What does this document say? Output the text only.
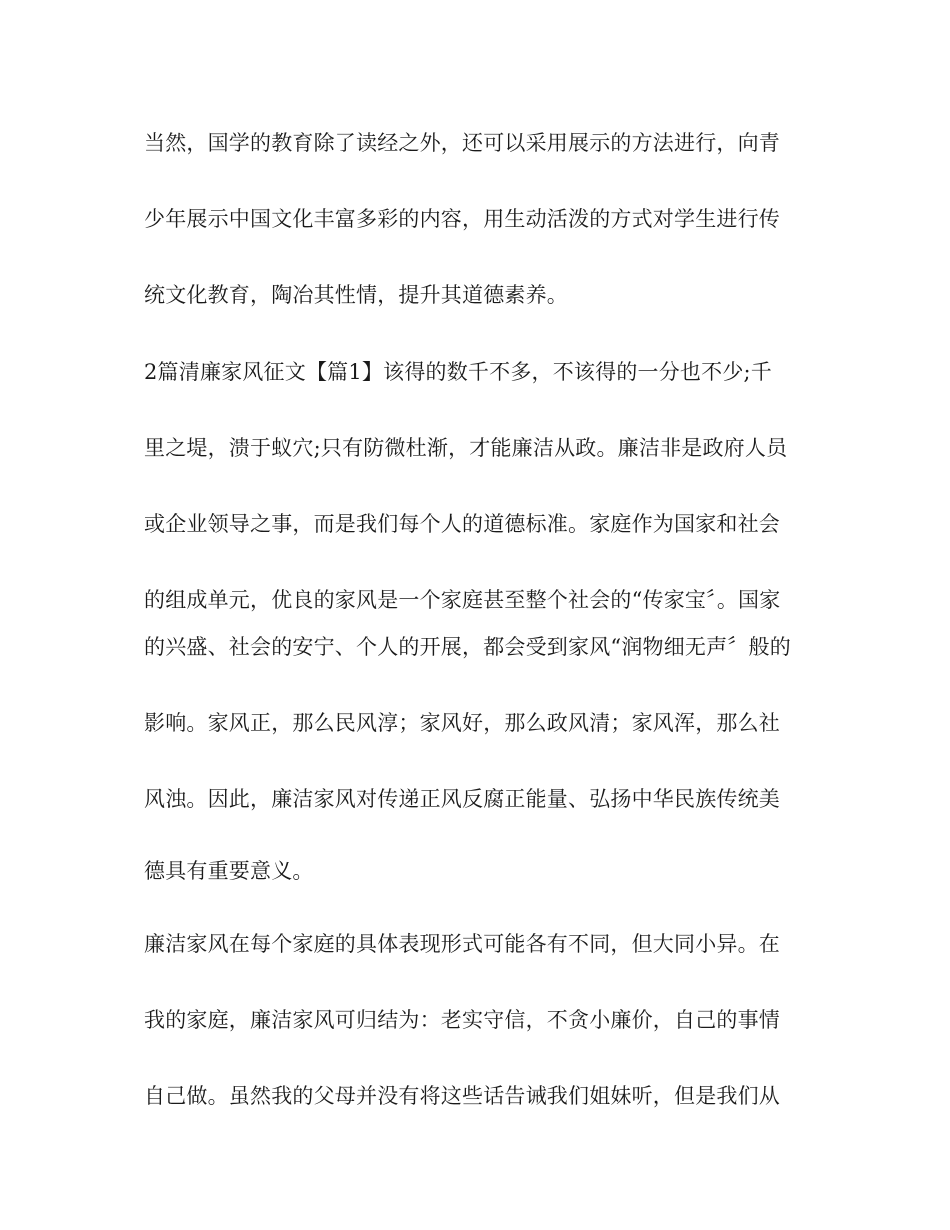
当然，国学的教育除了读经之外，还可以采用展示的方法进行，向青
少年展示中国文化丰富多彩的内容，用生动活泼的方式对学生进行传
统文化教育，陶冶其性情，提升其道德素养。
2篇清廉家风征文【篇1】该得的数千不多，不该得的一分也不少;千
里之堤，溃于蚁穴;只有防微杜渐，才能廉洁从政。廉洁非是政府人员
或企业领导之事，而是我们每个人的道德标准。家庭作为国家和社会
的组成单元，优良的家风是一个家庭甚至整个社会的“传家宝〞。国家
的兴盛、社会的安宁、个人的开展，都会受到家风“润物细无声〞般的
影响。家风正，那么民风淳；家风好，那么政风清；家风浑，那么社
风浊。因此，廉洁家风对传递正风反腐正能量、弘扬中华民族传统美
德具有重要意义。
廉洁家风在每个家庭的具体表现形式可能各有不同，但大同小异。在
我的家庭，廉洁家风可归结为：老实守信，不贪小廉价，自己的事情
自己做。虽然我的父母并没有将这些话告诫我们姐妹听，但是我们从
